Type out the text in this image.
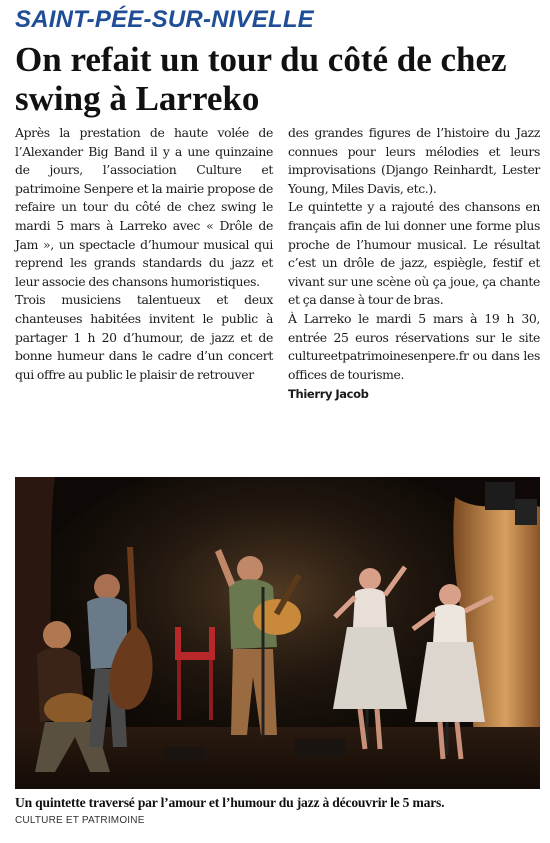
SAINT-PÉE-SUR-NIVELLE
On refait un tour du côté de chez swing à Larreko

Après la prestation de haute volée de l’Alexander Big Band il y a une quinzaine de jours, l’association Culture et patrimoine Senpere et la mairie propose de refaire un tour du côté de chez swing le mardi 5 mars à Larreko avec « Drôle de Jam », un spectacle d’humour musical qui reprend les grands standards du jazz et leur associe des chansons humoristiques.

Trois musiciens talentueux et deux chanteuses habitées invitent le public à partager 1 h 20 d’humour, de jazz et de bonne humeur dans le cadre d’un concert qui offre au public le plaisir de retrouver

des grandes figures de l’histoire du Jazz connues pour leurs mélodies et leurs improvisations (Django Reinhardt, Lester Young, Miles Davis, etc.).

Le quintette y a rajouté des chansons en français afin de lui donner une forme plus proche de l’humour musical. Le résultat c’est un drôle de jazz, espiègle, festif et vivant sur une scène où ça joue, ça chante et ça danse à tour de bras.

À Larreko le mardi 5 mars à 19 h 30, entrée 25 euros réservations sur le site cultureetpatrimoinesenpere.fr ou dans les offices de tourisme.

Thierry Jacob
Un quintette traversé par l’amour et l’humour du jazz à découvrir le 5 mars.
CULTURE ET PATRIMOINE
